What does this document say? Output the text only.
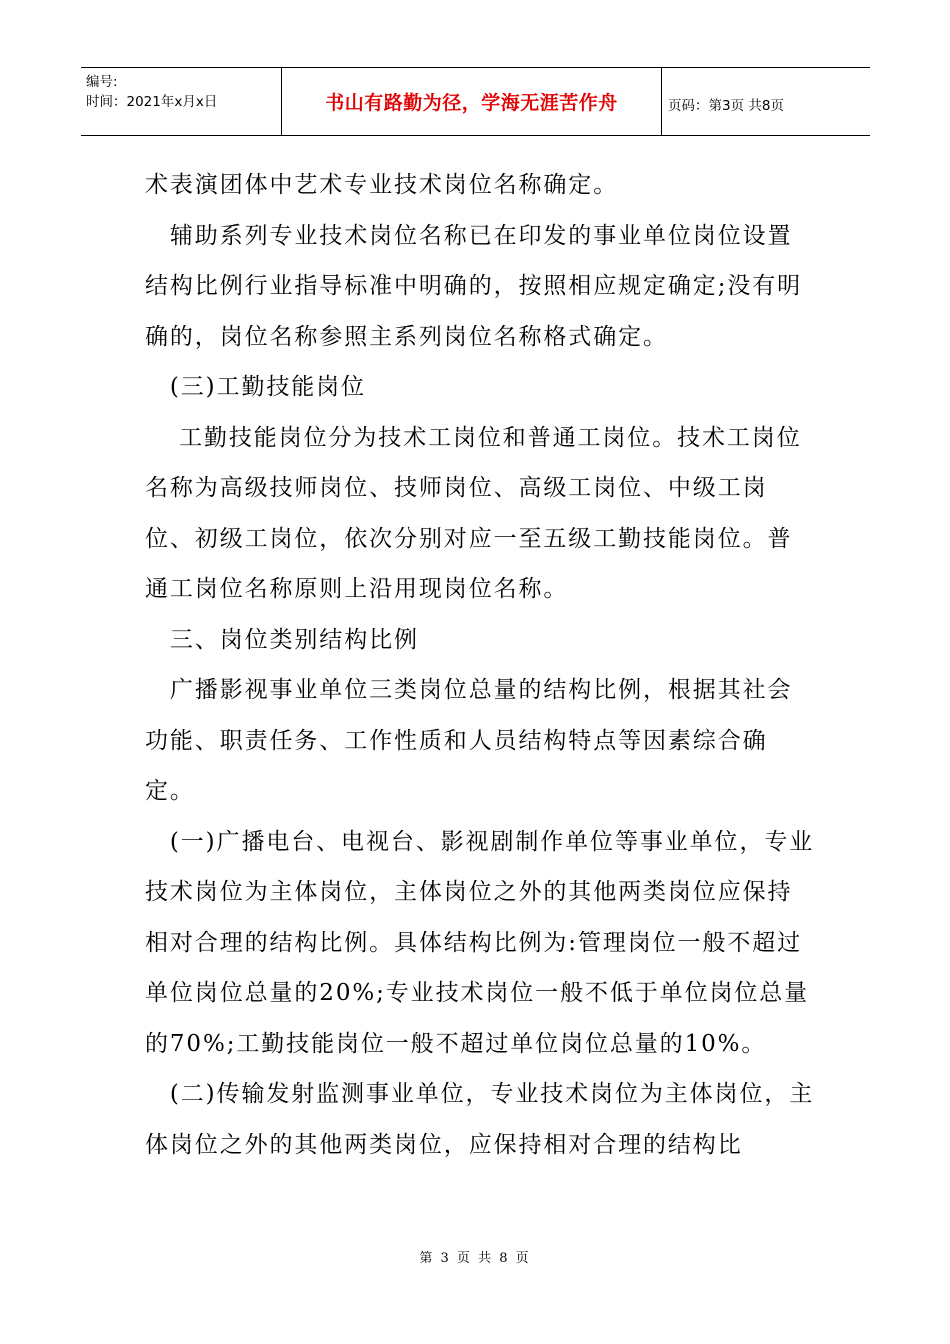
编号:
时间：2021年x月x日	书山有路勤为径，学海无涯苦作舟	页码：第3页 共8页

术表演团体中艺术专业技术岗位名称确定。

　辅助系列专业技术岗位名称已在印发的事业单位岗位设置结构比例行业指导标准中明确的，按照相应规定确定;没有明确的，岗位名称参照主系列岗位名称格式确定。

　(三)工勤技能岗位

　 工勤技能岗位分为技术工岗位和普通工岗位。技术工岗位名称为高级技师岗位、技师岗位、高级工岗位、中级工岗位、初级工岗位，依次分别对应一至五级工勤技能岗位。普通工岗位名称原则上沿用现岗位名称。

　三、岗位类别结构比例

　广播影视事业单位三类岗位总量的结构比例，根据其社会功能、职责任务、工作性质和人员结构特点等因素综合确定。

　(一)广播电台、电视台、影视剧制作单位等事业单位，专业技术岗位为主体岗位，主体岗位之外的其他两类岗位应保持相对合理的结构比例。具体结构比例为:管理岗位一般不超过单位岗位总量的20%;专业技术岗位一般不低于单位岗位总量的70%;工勤技能岗位一般不超过单位岗位总量的10%。

　(二)传输发射监测事业单位，专业技术岗位为主体岗位，主体岗位之外的其他两类岗位，应保持相对合理的结构比

第 3 页 共 8 页
